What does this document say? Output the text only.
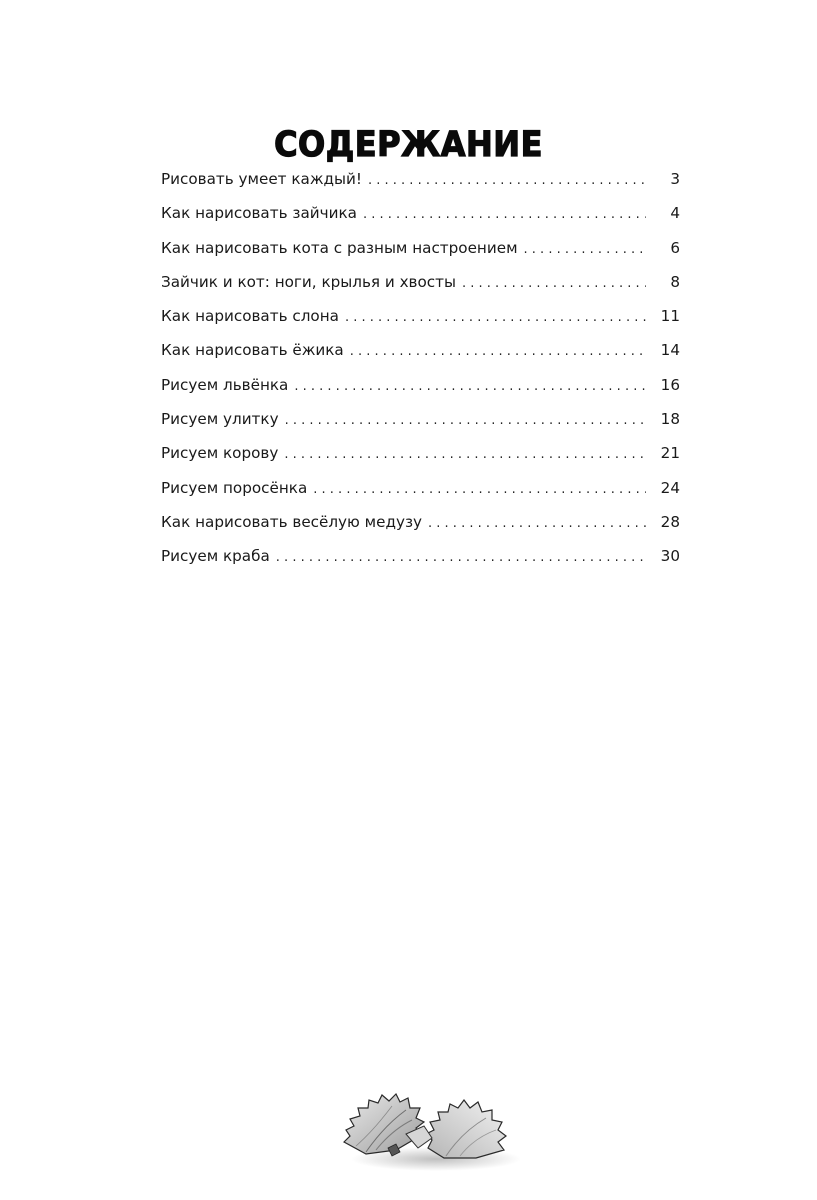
СОДЕРЖАНИЕ
Рисовать умеет каждый! . . .	3
Как нарисовать зайчика . . .	4
Как нарисовать кота с разным настроением . . .	6
Зайчик и кот: ноги, крылья и хвосты . . .	8
Как нарисовать слона . . .	11
Как нарисовать ёжика . . .	14
Рисуем львёнка . . .	16
Рисуем улитку . . .	18
Рисуем корову . . .	21
Рисуем поросёнка . . .	24
Как нарисовать весёлую медузу . . .	28
Рисуем краба . . .	30
